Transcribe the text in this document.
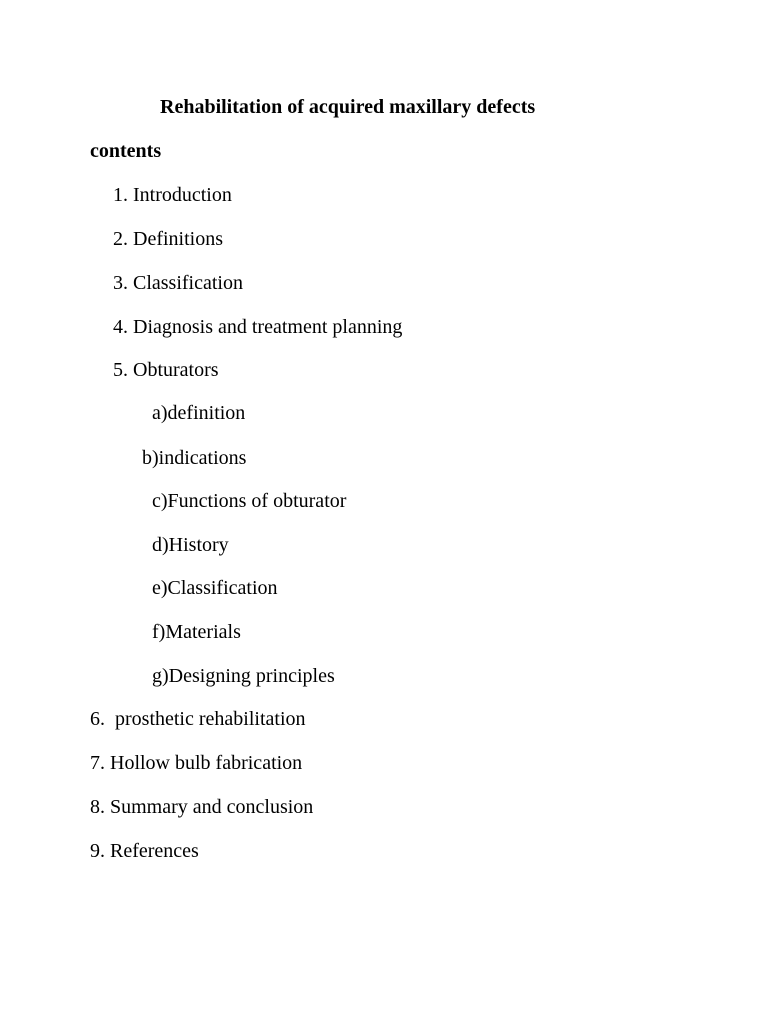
Rehabilitation of acquired maxillary defects
contents
1. Introduction
2. Definitions
3. Classification
4. Diagnosis and treatment planning
5. Obturators
a)definition
b)indications
c)Functions of obturator
d)History
e)Classification
f)Materials
g)Designing principles
6.  prosthetic rehabilitation
7. Hollow bulb fabrication
8. Summary and conclusion
9. References
